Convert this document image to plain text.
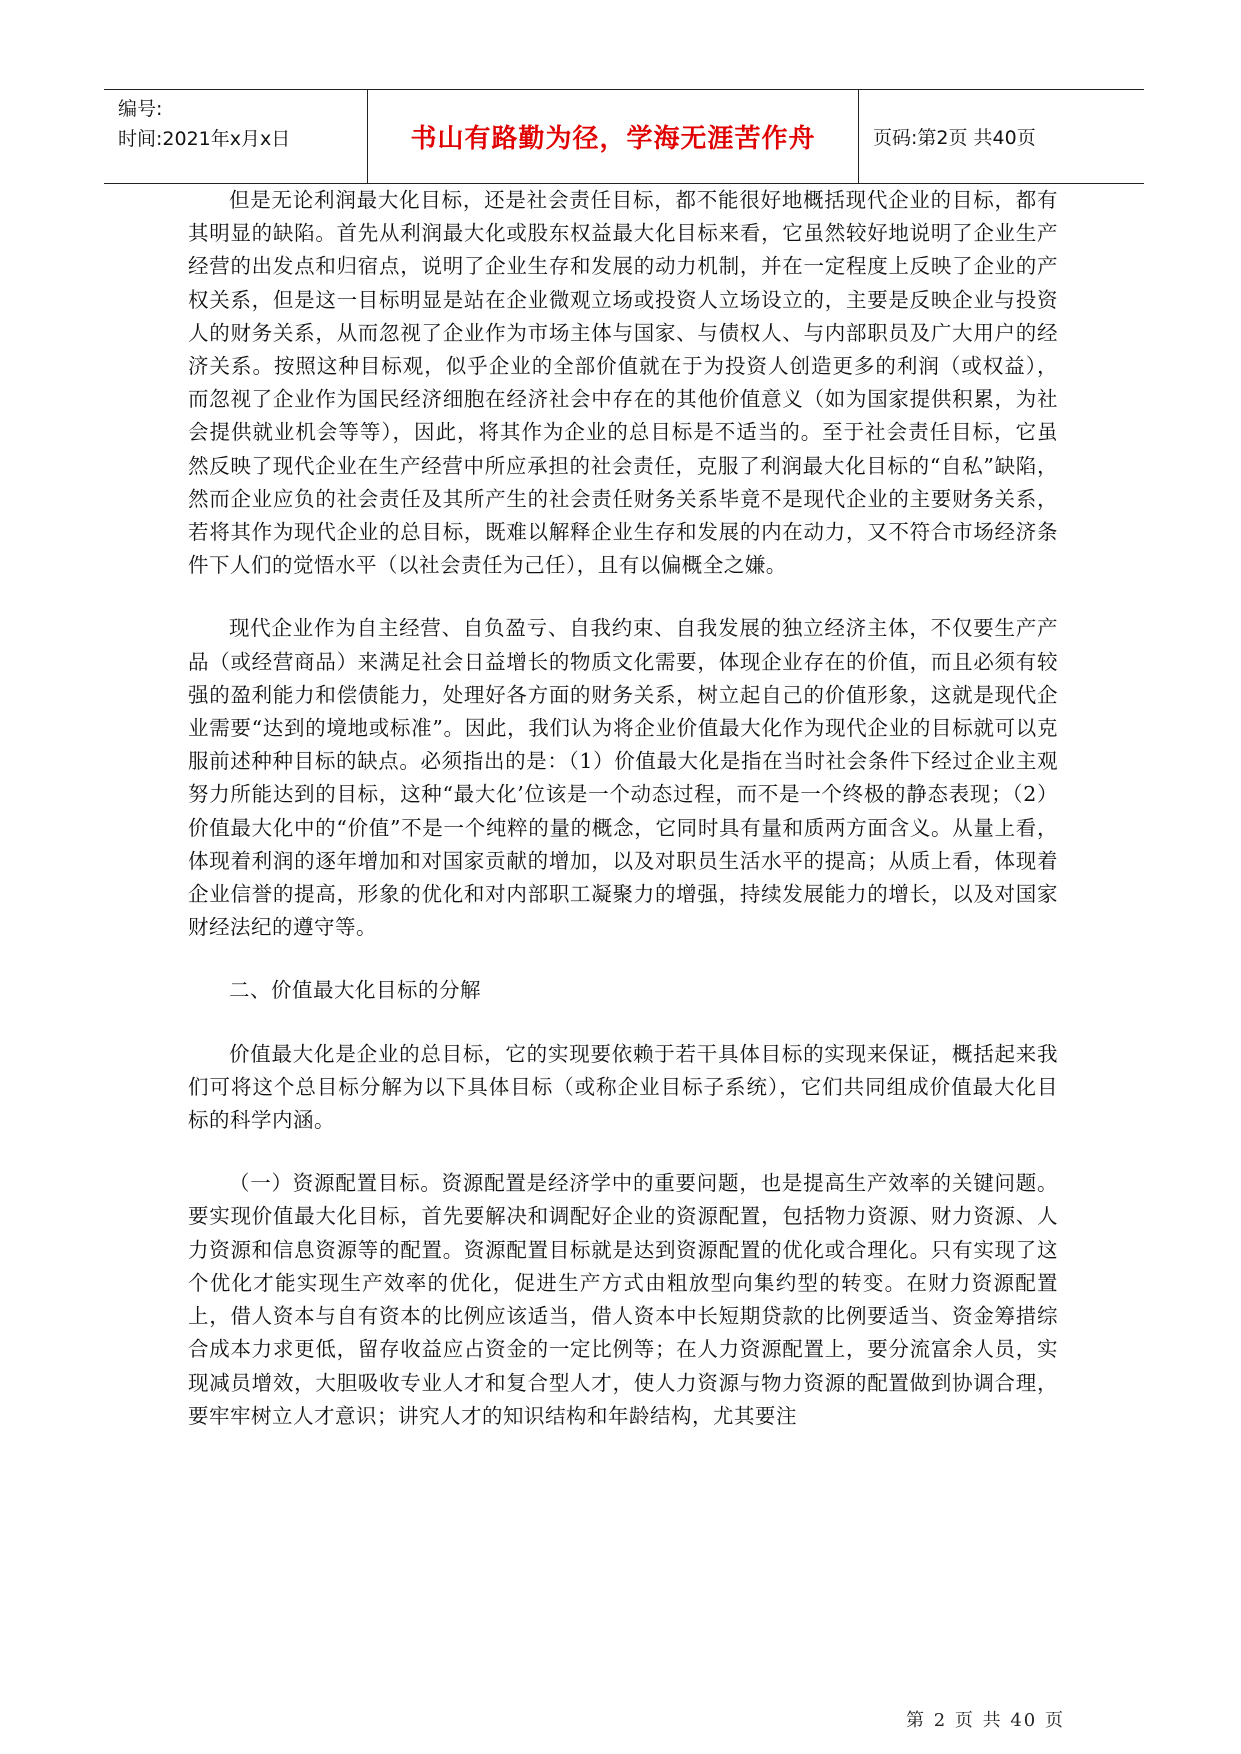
编号:
时间:2021年x月x日	书山有路勤为径，学海无涯苦作舟	页码:第2页 共40页

但是无论利润最大化目标，还是社会责任目标，都不能很好地概括现代企业的目标，都有其明显的缺陷。首先从利润最大化或股东权益最大化目标来看，它虽然较好地说明了企业生产经营的出发点和归宿点，说明了企业生存和发展的动力机制，并在一定程度上反映了企业的产权关系，但是这一目标明显是站在企业微观立场或投资人立场设立的，主要是反映企业与投资人的财务关系，从而忽视了企业作为市场主体与国家、与债权人、与内部职员及广大用户的经济关系。按照这种目标观，似乎企业的全部价值就在于为投资人创造更多的利润（或权益），而忽视了企业作为国民经济细胞在经济社会中存在的其他价值意义（如为国家提供积累，为社会提供就业机会等等），因此，将其作为企业的总目标是不适当的。至于社会责任目标，它虽然反映了现代企业在生产经营中所应承担的社会责任，克服了利润最大化目标的“自私”缺陷，然而企业应负的社会责任及其所产生的社会责任财务关系毕竟不是现代企业的主要财务关系，若将其作为现代企业的总目标，既难以解释企业生存和发展的内在动力，又不符合市场经济条件下人们的觉悟水平（以社会责任为己任），且有以偏概全之嫌。

现代企业作为自主经营、自负盈亏、自我约束、自我发展的独立经济主体，不仅要生产产品（或经营商品）来满足社会日益增长的物质文化需要，体现企业存在的价值，而且必须有较强的盈利能力和偿债能力，处理好各方面的财务关系，树立起自己的价值形象，这就是现代企业需要“达到的境地或标准”。因此，我们认为将企业价值最大化作为现代企业的目标就可以克服前述种种目标的缺点。必须指出的是：（1）价值最大化是指在当时社会条件下经过企业主观努力所能达到的目标，这种“最大化’位该是一个动态过程，而不是一个终极的静态表现；（2）价值最大化中的“价值”不是一个纯粹的量的概念，它同时具有量和质两方面含义。从量上看，体现着利润的逐年增加和对国家贡献的增加，以及对职员生活水平的提高；从质上看，体现着企业信誉的提高，形象的优化和对内部职工凝聚力的增强，持续发展能力的增长，以及对国家财经法纪的遵守等。

二、价值最大化目标的分解

价值最大化是企业的总目标，它的实现要依赖于若干具体目标的实现来保证，概括起来我们可将这个总目标分解为以下具体目标（或称企业目标子系统），它们共同组成价值最大化目标的科学内涵。

（一）资源配置目标。资源配置是经济学中的重要问题，也是提高生产效率的关键问题。要实现价值最大化目标，首先要解决和调配好企业的资源配置，包括物力资源、财力资源、人力资源和信息资源等的配置。资源配置目标就是达到资源配置的优化或合理化。只有实现了这个优化才能实现生产效率的优化，促进生产方式由粗放型向集约型的转变。在财力资源配置上，借人资本与自有资本的比例应该适当，借人资本中长短期贷款的比例要适当、资金筹措综合成本力求更低，留存收益应占资金的一定比例等；在人力资源配置上，要分流富余人员，实现减员增效，大胆吸收专业人才和复合型人才，使人力资源与物力资源的配置做到协调合理，要牢牢树立人才意识；讲究人才的知识结构和年龄结构，尤其要注

第 2 页 共 40 页
